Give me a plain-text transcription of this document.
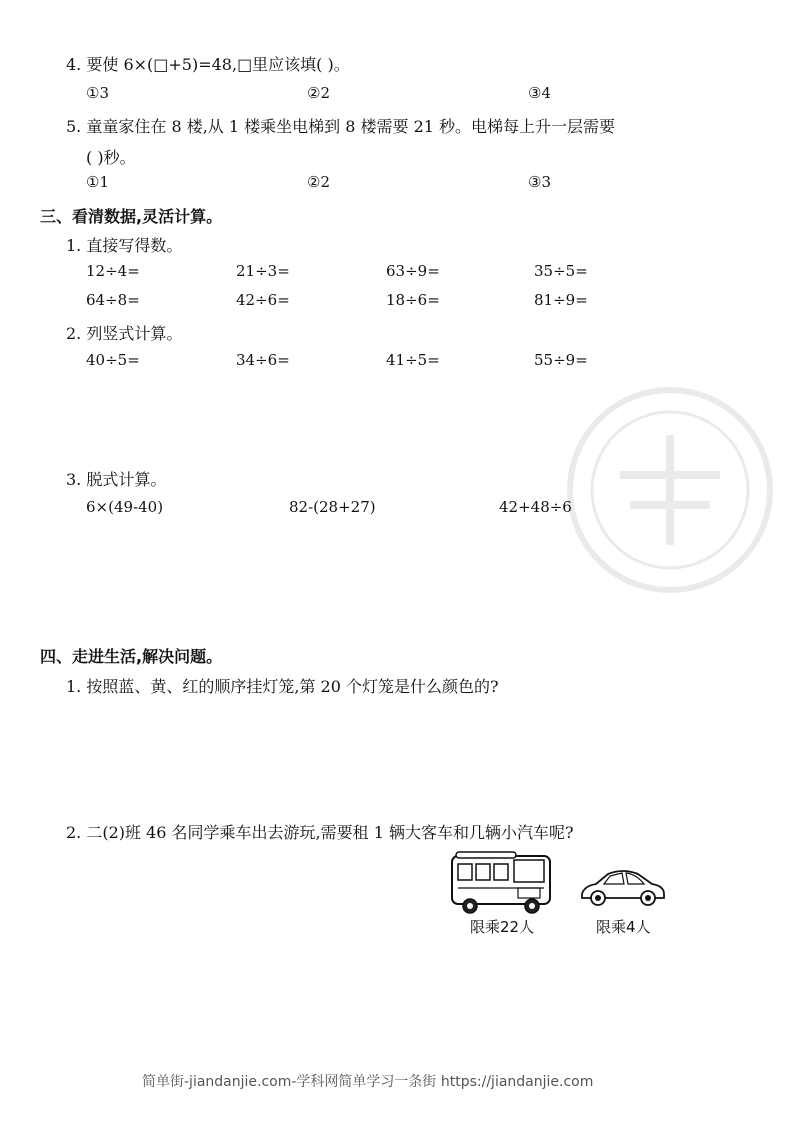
4. 要使 6×(□+5)=48,□里应该填( )。
①3	②2	③4
5. 童童家住在 8 楼,从 1 楼乘坐电梯到 8 楼需要 21 秒。电梯每上升一层需要
( )秒。
①1	②2	③3
三、看清数据,灵活计算。
1. 直接写得数。
12÷4=	21÷3=	63÷9=	35÷5=
64÷8=	42÷6=	18÷6=	81÷9=
2. 列竖式计算。
40÷5=	34÷6=	41÷5=	55÷9=
3. 脱式计算。
6×(49-40)	82-(28+27)	42+48÷6
四、走进生活,解决问题。
1. 按照蓝、黄、红的顺序挂灯笼,第 20 个灯笼是什么颜色的?
2. 二(2)班 46 名同学乘车出去游玩,需要租 1 辆大客车和几辆小汽车呢?
限乘22人	限乘4人
简单街-jiandanjie.com-学科网简单学习一条街 https://jiandanjie.com
